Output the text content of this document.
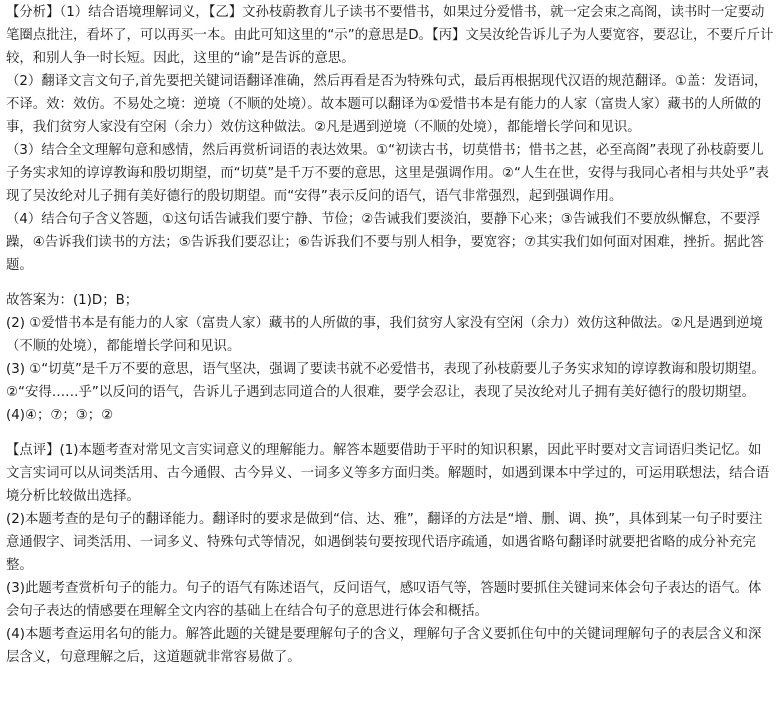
【分析】（1）结合语境理解词义，【乙】文孙枝蔚教育儿子读书不要惜书，如果过分爱惜书，就一定会束之高阁，读书时一定要动笔圈点批注，看坏了，可以再买一本。由此可知这里的“示”的意思是D。【丙】文吴汝纶告诉儿子为人要宽容，要忍让，不要斤斤计较，和别人争一时长短。因此，这里的“谕”是告诉的意思。

（2）翻译文言文句子,首先要把关键词语翻译准确，然后再看是否为特殊句式，最后再根据现代汉语的规范翻译。①盖：发语词，不译。效：效仿。不易处之境：逆境（不顺的处境）。故本题可以翻译为①爱惜书本是有能力的人家（富贵人家）藏书的人所做的事，我们贫穷人家没有空闲（余力）效仿这种做法。②凡是遇到逆境（不顺的处境），都能增长学问和见识。

（3）结合全文理解句意和感情，然后再赏析词语的表达效果。①“初读古书，切莫惜书；惜书之甚，必至高阁”表现了孙枝蔚要儿子务实求知的谆谆教诲和殷切期望，而“切莫”是千万不要的意思，这里是强调作用。②“人生在世，安得与我同心者相与共处乎”表现了吴汝纶对儿子拥有美好德行的殷切期望。而“安得”表示反问的语气，语气非常强烈，起到强调作用。

（4）结合句子含义答题，①这句话告诫我们要宁静、节俭；②告诫我们要淡泊，要静下心来；③告诫我们不要放纵懈怠，不要浮躁，④告诉我们读书的方法；⑤告诉我们要忍让；⑥告诉我们不要与别人相争，要宽容；⑦其实我们如何面对困难，挫折。据此答题。

故答案为：(1)D；B；

(2) ①爱惜书本是有能力的人家（富贵人家）藏书的人所做的事，我们贫穷人家没有空闲（余力）效仿这种做法。②凡是遇到逆境（不顺的处境），都能增长学问和见识。

(3) ①“切莫”是千万不要的意思，语气坚决，强调了要读书就不必爱惜书，表现了孙枝蔚要儿子务实求知的谆谆教诲和殷切期望。②“安得……乎”以反问的语气，告诉儿子遇到志同道合的人很难，要学会忍让，表现了吴汝纶对儿子拥有美好德行的殷切期望。

(4)④；⑦；③；②

【点评】(1)本题考查对常见文言实词意义的理解能力。解答本题要借助于平时的知识积累，因此平时要对文言词语归类记忆。如文言实词可以从词类活用、古今通假、古今异义、一词多义等多方面归类。解题时，如遇到课本中学过的，可运用联想法，结合语境分析比较做出选择。

(2)本题考查的是句子的翻译能力。翻译时的要求是做到“信、达、雅”，翻译的方法是“增、删、调、换”，具体到某一句子时要注意通假字、词类活用、一词多义、特殊句式等情况，如遇倒装句要按现代语序疏通，如遇省略句翻译时就要把省略的成分补充完整。

(3)此题考查赏析句子的能力。句子的语气有陈述语气，反问语气，感叹语气等，答题时要抓住关键词来体会句子表达的语气。体会句子表达的情感要在理解全文内容的基础上在结合句子的意思进行体会和概括。

(4)本题考查运用名句的能力。解答此题的关键是要理解句子的含义，理解句子含义要抓住句中的关键词理解句子的表层含义和深层含义，句意理解之后，这道题就非常容易做了。
